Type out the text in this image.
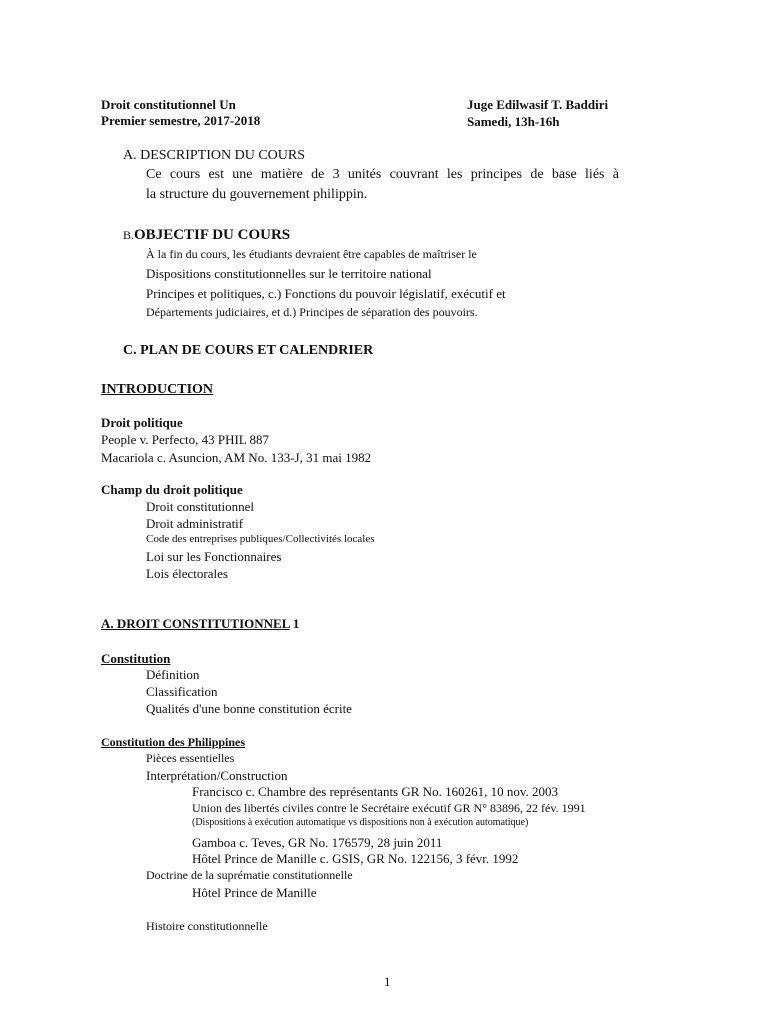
Droit constitutionnel Un
Premier semestre, 2017-2018
Juge Edilwasif T. Baddiri
Samedi, 13h-16h
A. DESCRIPTION DU COURS
Ce cours est une matière de 3 unités couvrant les principes de base liés à
la structure du gouvernement philippin.
B.OBJECTIF DU COURS
À la fin du cours, les étudiants devraient être capables de maîtriser le
Dispositions constitutionnelles sur le territoire national
Principes et politiques, c.) Fonctions du pouvoir législatif, exécutif et
Départements judiciaires, et d.) Principes de séparation des pouvoirs.
C. PLAN DE COURS ET CALENDRIER
INTRODUCTION
Droit politique
People v. Perfecto, 43 PHIL 887
Macariola c. Asuncion, AM No. 133-J, 31 mai 1982
Champ du droit politique
Droit constitutionnel
Droit administratif
Code des entreprises publiques/Collectivités locales
Loi sur les Fonctionnaires
Lois électorales
A. DROIT CONSTITUTIONNEL 1
Constitution
Définition
Classification
Qualités d'une bonne constitution écrite
Constitution des Philippines
Pièces essentielles
Interprétation/Construction
Francisco c. Chambre des représentants GR No. 160261, 10 nov. 2003
Union des libertés civiles contre le Secrétaire exécutif GR N° 83896, 22 fév. 1991
(Dispositions à exécution automatique vs dispositions non à exécution automatique)
Gamboa c. Teves, GR No. 176579, 28 juin 2011
Hôtel Prince de Manille c. GSIS, GR No. 122156, 3 févr. 1992
Doctrine de la suprématie constitutionnelle
Hôtel Prince de Manille
Histoire constitutionnelle
1
